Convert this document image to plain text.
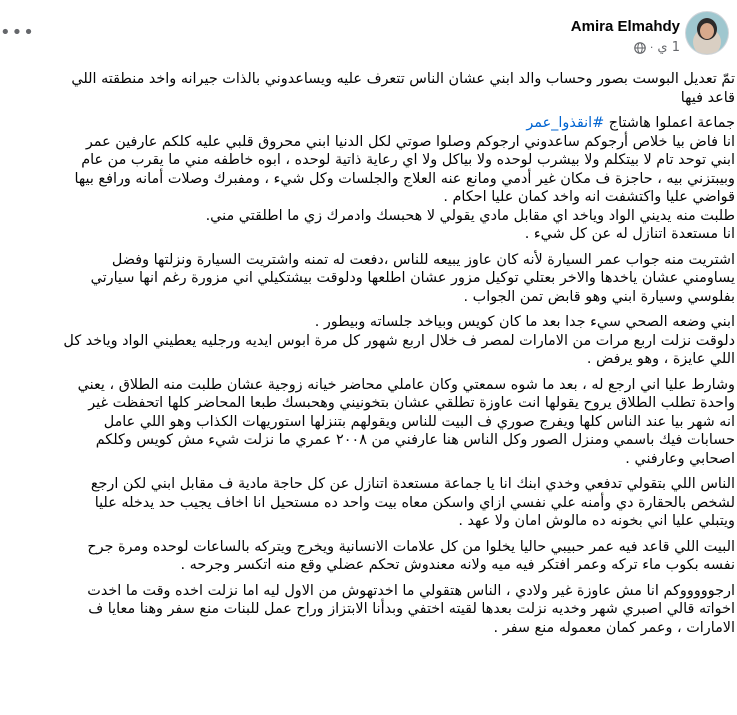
•••	Amira Elmahdy
1 ي
·
تمّ تعديل البوست بصور وحساب والد ابني عشان الناس تتعرف عليه ويساعدوني بالذات جيرانه واخد منطقته اللي
قاعد فيها
جماعة اعملوا هاشتاج #انقذوا_عمر
انا فاض بيا خلاص أرجوكم ساعدوني ارجوكم وصلوا صوتي لكل الدنيا ابني محروق قلبي عليه كلكم عارفين عمر
ابني توحد تام لا بيتكلم ولا بيشرب لوحده ولا بياكل ولا اي رعاية ذاتية لوحده ، ابوه خاطفه مني ما يقرب من عام
وبيبتزني بيه ، حاجزة ف مكان غير أدمي ومانع عنه العلاج والجلسات وكل شيء ، ومفبرك وصلات أمانه ورافع بيها
قواضي عليا واكتشفت انه واخد كمان عليا احكام .
طلبت منه يديني الواد وياخد اي مقابل مادي يقولي لا هحبسك وادمرك زي ما اطلقتي مني.
انا مستعدة اتنازل له عن كل شيء .
اشتريت منه جواب عمر السيارة لأنه كان عاوز يبيعه للناس ،دفعت له تمنه واشتريت السيارة ونزلتها وفضل
يساومني عشان ياخدها والاخر بعتلي توكيل مزور عشان اطلعها ودلوقت بيشتكيلي اني مزورة رغم انها سيارتي
بفلوسي وسيارة ابني وهو قابض تمن الجواب .
ابني وضعه الصحي سيء جدا بعد ما كان كويس وبياخد جلساته وبيطور .
دلوقت نزلت اربع مرات من الامارات لمصر ف خلال اربع شهور كل مرة ابوس ايديه ورجليه يعطيني الواد وياخد كل
اللي عايزة ، وهو يرفض .
وشارط عليا اني ارجع له ، بعد ما شوه سمعتي وكان عاملي محاضر خيانه زوجية عشان طلبت منه الطلاق ، يعني
واحدة تطلب الطلاق يروح يقولها انت عاوزة تطلقي عشان بتخونيني وهحبسك طبعا المحاضر كلها اتحفظت غير
انه شهر بيا عند الناس كلها ويفرج صوري ف البيت للناس ويقولهم بتنزلها استوريهات الكذاب وهو اللي عامل
حسابات فيك باسمي ومنزل الصور وكل الناس هنا عارفني من ٢٠٠٨ عمري ما نزلت شيء مش كويس وكلكم
اصحابي وعارفني .
الناس اللي بتقولي تدفعي وخدي ابنك انا يا جماعة مستعدة اتنازل عن كل حاجة مادية ف مقابل ابني لكن ارجع
لشخص بالحقارة دي وأمنه علي نفسي ازاي واسكن معاه بيت واحد ده مستحيل انا اخاف يجيب حد يدخله عليا
ويتبلي عليا اني بخونه ده مالوش امان ولا عهد .
البيت اللي قاعد فيه عمر حبيبي حاليا يخلوا من كل علامات الانسانية ويخرج ويتركه بالساعات لوحده ومرة جرح
نفسه بكوب ماء تركه وعمر افتكر فيه ميه ولانه معندوش تحكم عضلي وقع منه اتكسر وجرحه .
ارجوووووكم انا مش عاوزة غير ولادي ، الناس هتقولي ما اخدتهوش من الاول ليه اما نزلت اخده وقت ما اخدت
اخواته قالي اصبري شهر وخديه نزلت بعدها لقيته اختفي وبدأنا الابتزاز وراح عمل للبنات منع سفر وهنا معايا ف
الامارات ، وعمر كمان معموله منع سفر .
